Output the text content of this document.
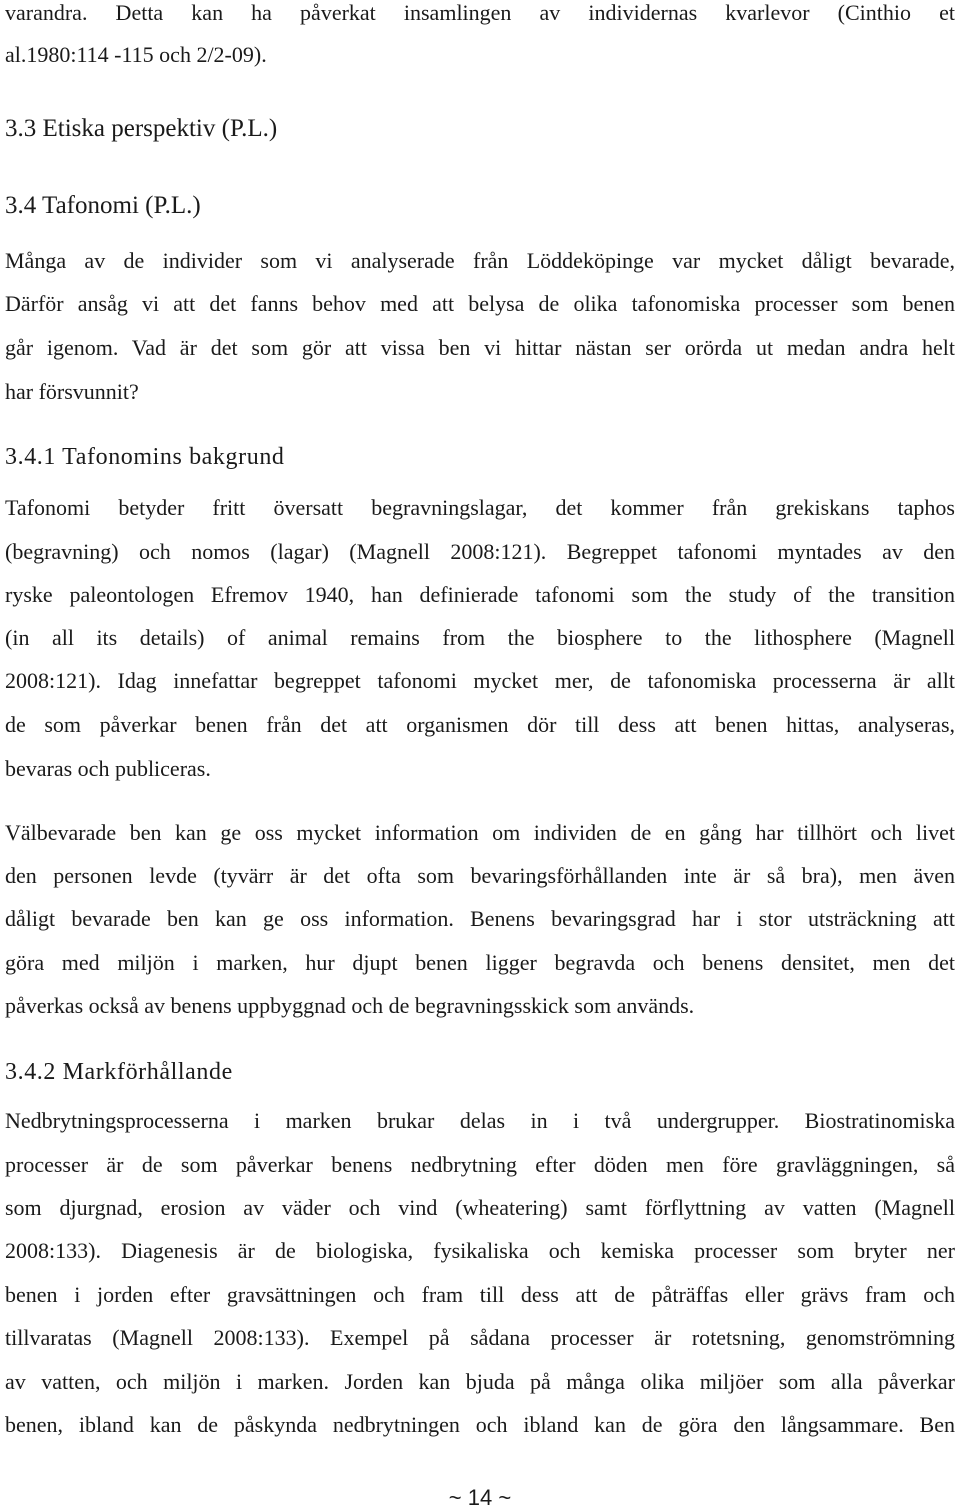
varandra. Detta kan ha påverkat insamlingen av individernas kvarlevor (Cinthio et
al.1980:114 -115 och 2/2-09).
3.3 Etiska perspektiv (P.L.)
3.4 Tafonomi (P.L.)
Många av de individer som vi analyserade från Löddeköpinge var mycket dåligt bevarade,
Därför ansåg vi att det fanns behov med att belysa de olika tafonomiska processer som benen
går igenom. Vad är det som gör att vissa ben vi hittar nästan ser orörda ut medan andra helt
har försvunnit?
3.4.1 Tafonomins bakgrund
Tafonomi betyder fritt översatt begravningslagar, det kommer från grekiskans taphos
(begravning) och nomos (lagar) (Magnell 2008:121). Begreppet tafonomi myntades av den
ryske paleontologen Efremov 1940, han definierade tafonomi som the study of the transition
(in all its details) of animal remains from the biosphere to the lithosphere (Magnell
2008:121). Idag innefattar begreppet tafonomi mycket mer, de tafonomiska processerna är allt
de som påverkar benen från det att organismen dör till dess att benen hittas, analyseras,
bevaras och publiceras.
Välbevarade ben kan ge oss mycket information om individen de en gång har tillhört och livet
den personen levde (tyvärr är det ofta som bevaringsförhållanden inte är så bra), men även
dåligt bevarade ben kan ge oss information. Benens bevaringsgrad har i stor utsträckning att
göra med miljön i marken, hur djupt benen ligger begravda och benens densitet, men det
påverkas också av benens uppbyggnad och de begravningsskick som används.
3.4.2 Markförhållande
Nedbrytningsprocesserna i marken brukar delas in i två undergrupper. Biostratinomiska
processer är de som påverkar benens nedbrytning efter döden men före gravläggningen, så
som djurgnad, erosion av väder och vind (wheatering) samt förflyttning av vatten (Magnell
2008:133). Diagenesis är de biologiska, fysikaliska och kemiska processer som bryter ner
benen i jorden efter gravsättningen och fram till dess att de påträffas eller grävs fram och
tillvaratas (Magnell 2008:133). Exempel på sådana processer är rotetsning, genomströmning
av vatten, och miljön i marken. Jorden kan bjuda på många olika miljöer som alla påverkar
benen, ibland kan de påskynda nedbrytningen och ibland kan de göra den långsammare. Ben
~ 14 ~
